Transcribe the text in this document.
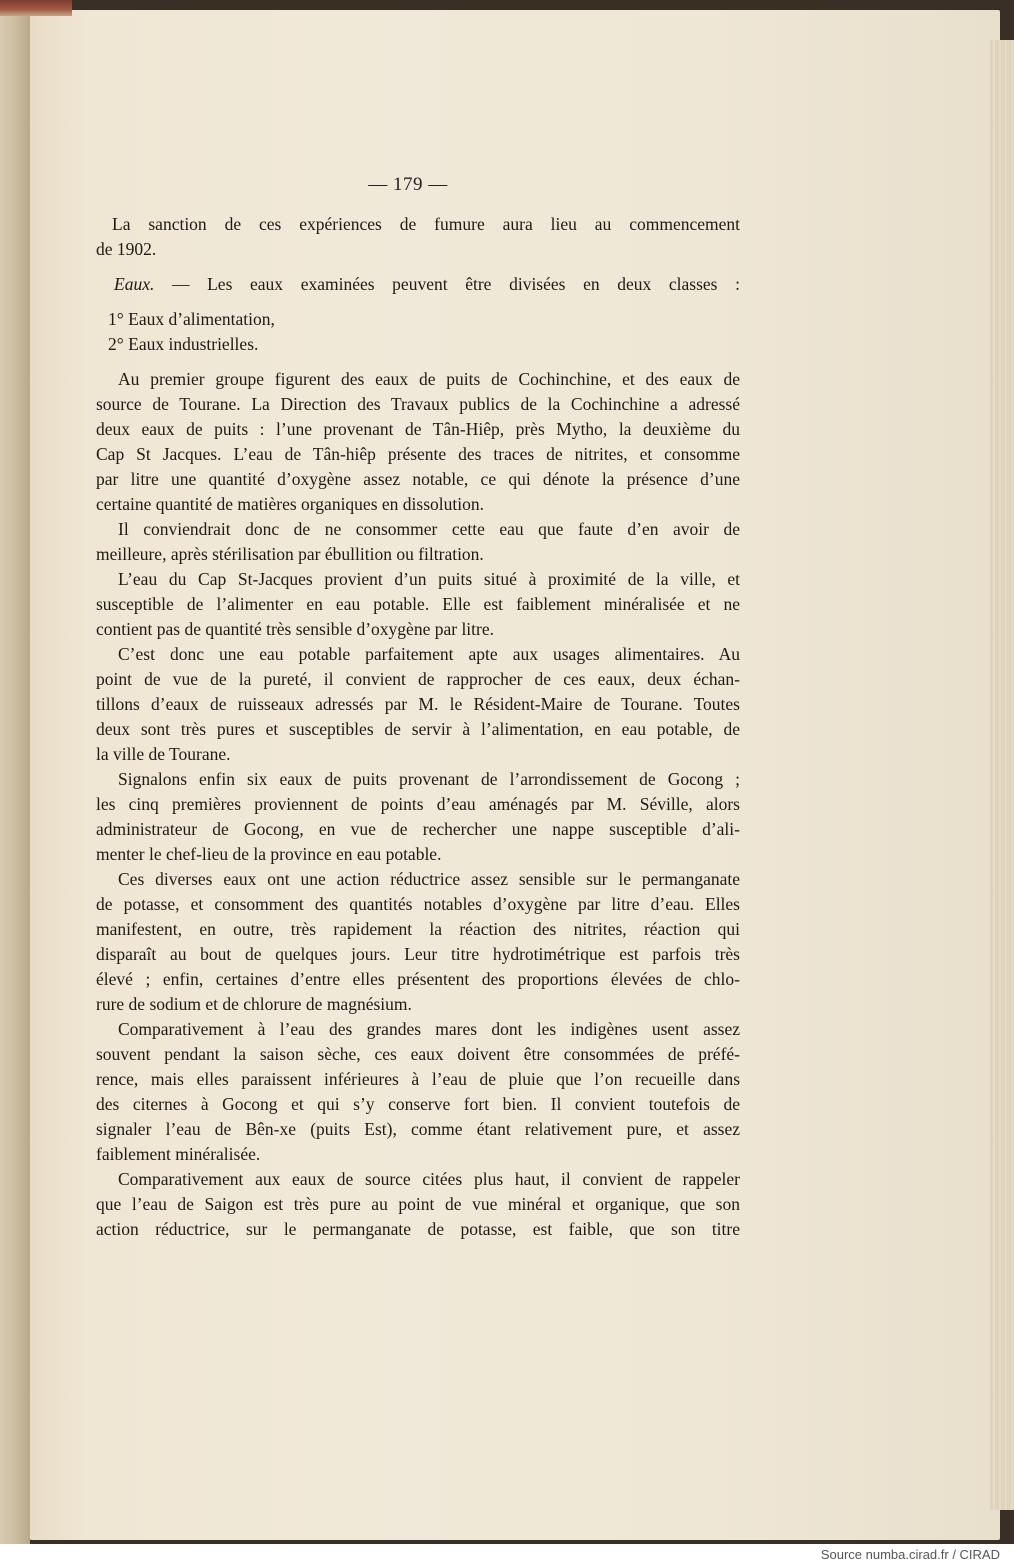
— 179 —
La sanction de ces expériences de fumure aura lieu au commencement
de 1902.
Eaux. — Les eaux examinées peuvent être divisées en deux classes :
1° Eaux d’alimentation,
2° Eaux industrielles.
Au premier groupe figurent des eaux de puits de Cochinchine, et des eaux de
source de Tourane. La Direction des Travaux publics de la Cochinchine a adressé
deux eaux de puits : l’une provenant de Tân-Hiêp, près Mytho, la deuxième du
Cap St Jacques. L’eau de Tân-hiêp présente des traces de nitrites, et consomme
par litre une quantité d’oxygène assez notable, ce qui dénote la présence d’une
certaine quantité de matières organiques en dissolution.
Il conviendrait donc de ne consommer cette eau que faute d’en avoir de
meilleure, après stérilisation par ébullition ou filtration.
L’eau du Cap St-Jacques provient d’un puits situé à proximité de la ville, et
susceptible de l’alimenter en eau potable. Elle est faiblement minéralisée et ne
contient pas de quantité très sensible d’oxygène par litre.
C’est donc une eau potable parfaitement apte aux usages alimentaires. Au
point de vue de la pureté, il convient de rapprocher de ces eaux, deux échan-
tillons d’eaux de ruisseaux adressés par M. le Résident-Maire de Tourane. Toutes
deux sont très pures et susceptibles de servir à l’alimentation, en eau potable, de
la ville de Tourane.
Signalons enfin six eaux de puits provenant de l’arrondissement de Gocong ;
les cinq premières proviennent de points d’eau aménagés par M. Séville, alors
administrateur de Gocong, en vue de rechercher une nappe susceptible d’ali-
menter le chef-lieu de la province en eau potable.
Ces diverses eaux ont une action réductrice assez sensible sur le permanganate
de potasse, et consomment des quantités notables d’oxygène par litre d’eau. Elles
manifestent, en outre, très rapidement la réaction des nitrites, réaction qui
disparaît au bout de quelques jours. Leur titre hydrotimétrique est parfois très
élevé ; enfin, certaines d’entre elles présentent des proportions élevées de chlo-
rure de sodium et de chlorure de magnésium.
Comparativement à l’eau des grandes mares dont les indigènes usent assez
souvent pendant la saison sèche, ces eaux doivent être consommées de préfé-
rence, mais elles paraissent inférieures à l’eau de pluie que l’on recueille dans
des citernes à Gocong et qui s’y conserve fort bien. Il convient toutefois de
signaler l’eau de Bên-xe (puits Est), comme étant relativement pure, et assez
faiblement minéralisée.
Comparativement aux eaux de source citées plus haut, il convient de rappeler
que l’eau de Saigon est très pure au point de vue minéral et organique, que son
action réductrice, sur le permanganate de potasse, est faible, que son titre
Source numba.cirad.fr / CIRAD
